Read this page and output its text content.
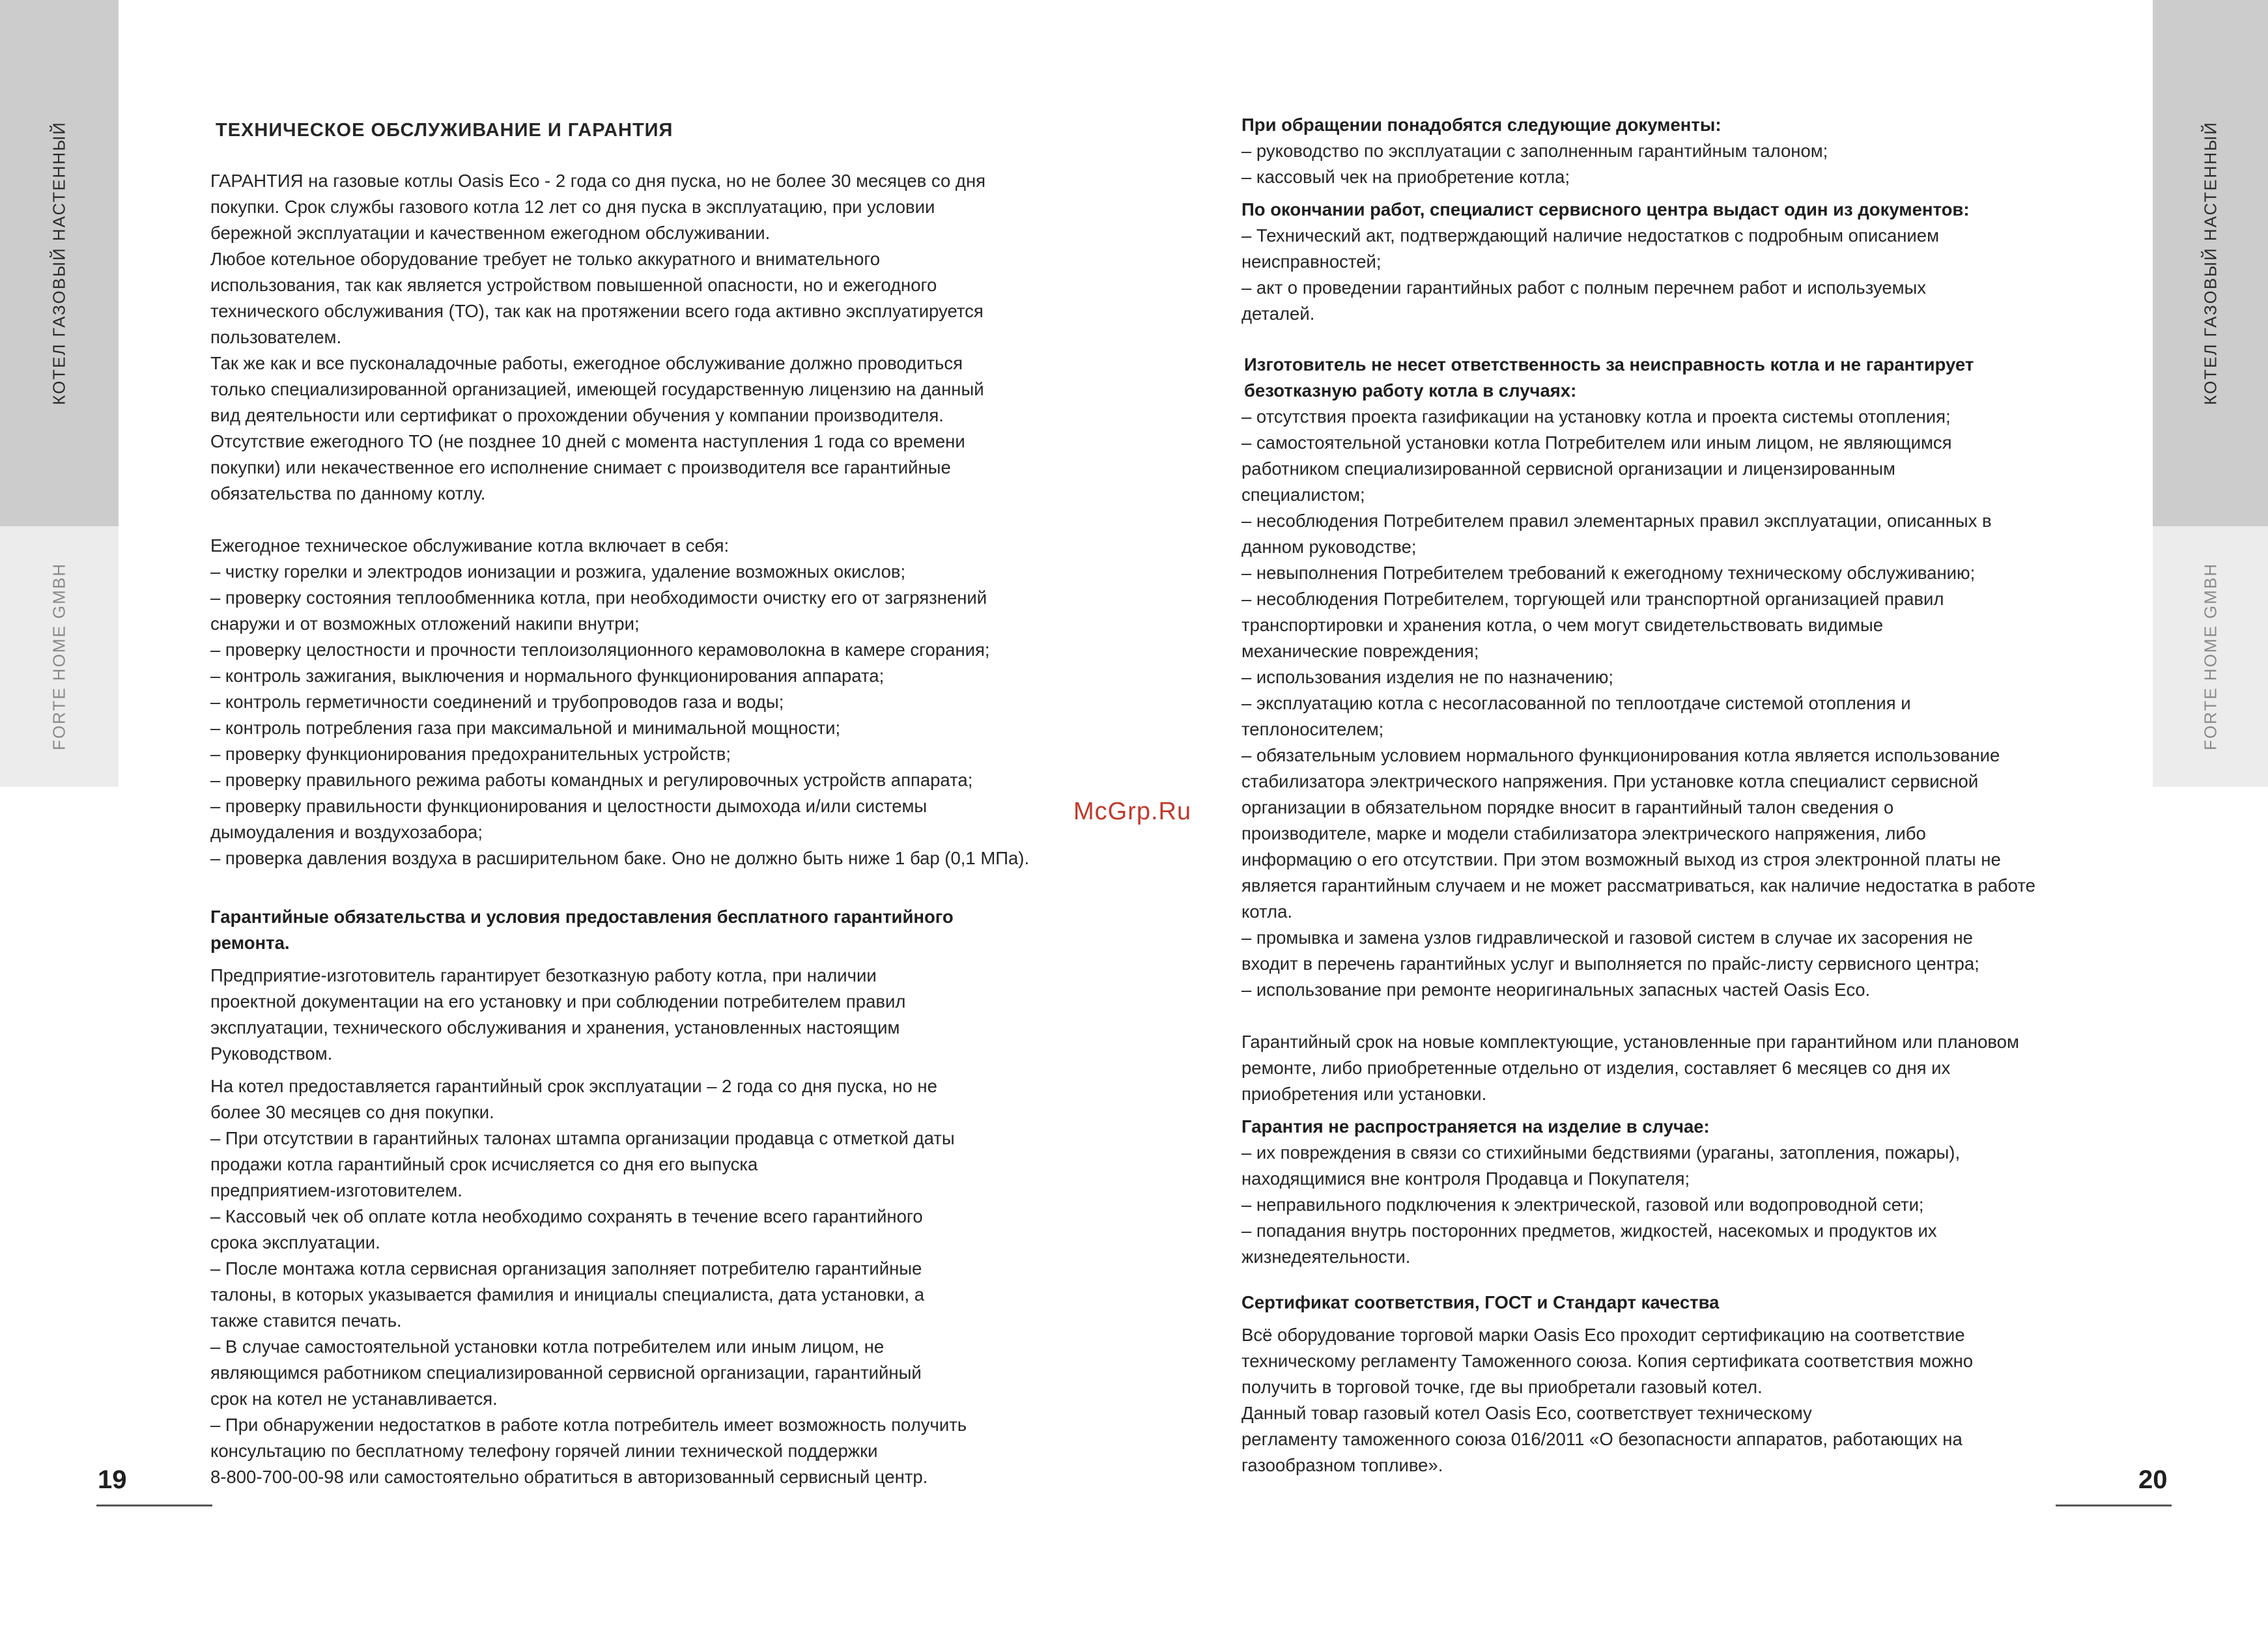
КОТЕЛ ГАЗОВЫЙ НАСТЕННЫЙ
FORTE HOME GMBH
КОТЕЛ ГАЗОВЫЙ НАСТЕННЫЙ
FORTE HOME GMBH

ТЕХНИЧЕСКОЕ ОБСЛУЖИВАНИЕ И ГАРАНТИЯ

ГАРАНТИЯ на газовые котлы Oasis Eco - 2 года со дня пуска, но не более 30 месяцев со дня

покупки. Срок службы газового котла 12 лет со дня пуска в эксплуатацию, при условии

бережной эксплуатации и качественном ежегодном обслуживании.

Любое котельное оборудование требует не только аккуратного и внимательного

использования, так как является устройством повышенной опасности, но и ежегодного

технического обслуживания (ТО), так как на протяжении всего года активно эксплуатируется

пользователем.

Так же как и все пусконаладочные работы, ежегодное обслуживание должно проводиться

только специализированной организацией, имеющей государственную лицензию на данный

вид деятельности или сертификат о прохождении обучения у компании производителя.

Отсутствие ежегодного ТО (не позднее 10 дней с момента наступления 1 года со времени

покупки) или некачественное его исполнение снимает с производителя все гарантийные

обязательства по данному котлу.

Ежегодное техническое обслуживание котла включает в себя:

– чистку горелки и электродов ионизации и розжига, удаление возможных окислов;

– проверку состояния теплообменника котла, при необходимости очистку его от загрязнений

снаружи и от возможных отложений накипи внутри;

– проверку целостности и прочности теплоизоляционного керамоволокна в камере сгорания;

– контроль зажигания, выключения и нормального функционирования аппарата;

– контроль герметичности соединений и трубопроводов газа и воды;

– контроль потребления газа при максимальной и минимальной мощности;

– проверку функционирования предохранительных устройств;

– проверку правильного режима работы командных и регулировочных устройств аппарата;

– проверку правильности функционирования и целостности дымохода и/или системы

дымоудаления и воздухозабора;

– проверка давления воздуха в расширительном баке. Оно не должно быть ниже 1 бар (0,1 МПа).

Гарантийные обязательства и условия предоставления бесплатного гарантийного

ремонта.

Предприятие-изготовитель гарантирует безотказную работу котла, при наличии

проектной документации на его установку и при соблюдении потребителем правил

эксплуатации, технического обслуживания и хранения, установленных настоящим

Руководством.

На котел предоставляется гарантийный срок эксплуатации – 2 года со дня пуска, но не

более 30 месяцев со дня покупки.

– При отсутствии в гарантийных талонах штампа организации продавца с отметкой даты

продажи котла гарантийный срок исчисляется со дня его выпуска

предприятием-изготовителем.

– Кассовый чек об оплате котла необходимо сохранять в течение всего гарантийного

срока эксплуатации.

– После монтажа котла сервисная организация заполняет потребителю гарантийные

талоны, в которых указывается фамилия и инициалы специалиста, дата установки, а

также ставится печать.

– В случае самостоятельной установки котла потребителем или иным лицом, не

являющимся работником специализированной сервисной организации, гарантийный

срок на котел не устанавливается.

– При обнаружении недостатков в работе котла потребитель имеет возможность получить

консультацию по бесплатному телефону горячей линии технической поддержки

8-800-700-00-98 или самостоятельно обратиться в авторизованный сервисный центр.

19
McGrp.Ru

При обращении понадобятся следующие документы:

– руководство по эксплуатации с заполненным гарантийным талоном;

– кассовый чек на приобретение котла;

По окончании работ, специалист сервисного центра выдаст один из документов:

– Технический акт, подтверждающий наличие недостатков с подробным описанием

неисправностей;

– акт о проведении гарантийных работ с полным перечнем работ и используемых

деталей.

Изготовитель не несет ответственность за неисправность котла и не гарантирует

безотказную работу котла в случаях:

– отсутствия проекта газификации на установку котла и проекта системы отопления;

– самостоятельной установки котла Потребителем или иным лицом, не являющимся

работником специализированной сервисной организации и лицензированным

специалистом;

– несоблюдения Потребителем правил элементарных правил эксплуатации, описанных в

данном руководстве;

– невыполнения Потребителем требований к ежегодному техническому обслуживанию;

– несоблюдения Потребителем, торгующей или транспортной организацией правил

транспортировки и хранения котла, о чем могут свидетельствовать видимые

механические повреждения;

– использования изделия не по назначению;

– эксплуатацию котла с несогласованной по теплоотдаче системой отопления и

теплоносителем;

– обязательным условием нормального функционирования котла является использование

стабилизатора электрического напряжения. При установке котла специалист сервисной

организации в обязательном порядке вносит в гарантийный талон сведения о

производителе, марке и модели стабилизатора электрического напряжения, либо

информацию о его отсутствии. При этом возможный выход из строя электронной платы не

является гарантийным случаем и не может рассматриваться, как наличие недостатка в работе

котла.

– промывка и замена узлов гидравлической и газовой систем в случае их засорения не

входит в перечень гарантийных услуг и выполняется по прайс-листу сервисного центра;

– использование при ремонте неоригинальных запасных частей Oasis Eco.

Гарантийный срок на новые комплектующие, установленные при гарантийном или плановом

ремонте, либо приобретенные отдельно от изделия, составляет 6 месяцев со дня их

приобретения или установки.

Гарантия не распространяется на изделие в случае:

– их повреждения в связи со стихийными бедствиями (ураганы, затопления, пожары),

находящимися вне контроля Продавца и Покупателя;

– неправильного подключения к электрической, газовой или водопроводной сети;

– попадания внутрь посторонних предметов, жидкостей, насекомых и продуктов их

жизнедеятельности.

Сертификат соответствия, ГОСТ и Стандарт качества

Всё оборудование торговой марки Oasis Eco проходит сертификацию на соответствие

техническому регламенту Таможенного союза. Копия сертификата соответствия можно

получить в торговой точке, где вы приобретали газовый котел.

Данный товар газовый котел Oasis Eco, соответствует техническому

регламенту таможенного союза 016/2011 «О безопасности аппаратов, работающих на

газообразном топливе».

20
